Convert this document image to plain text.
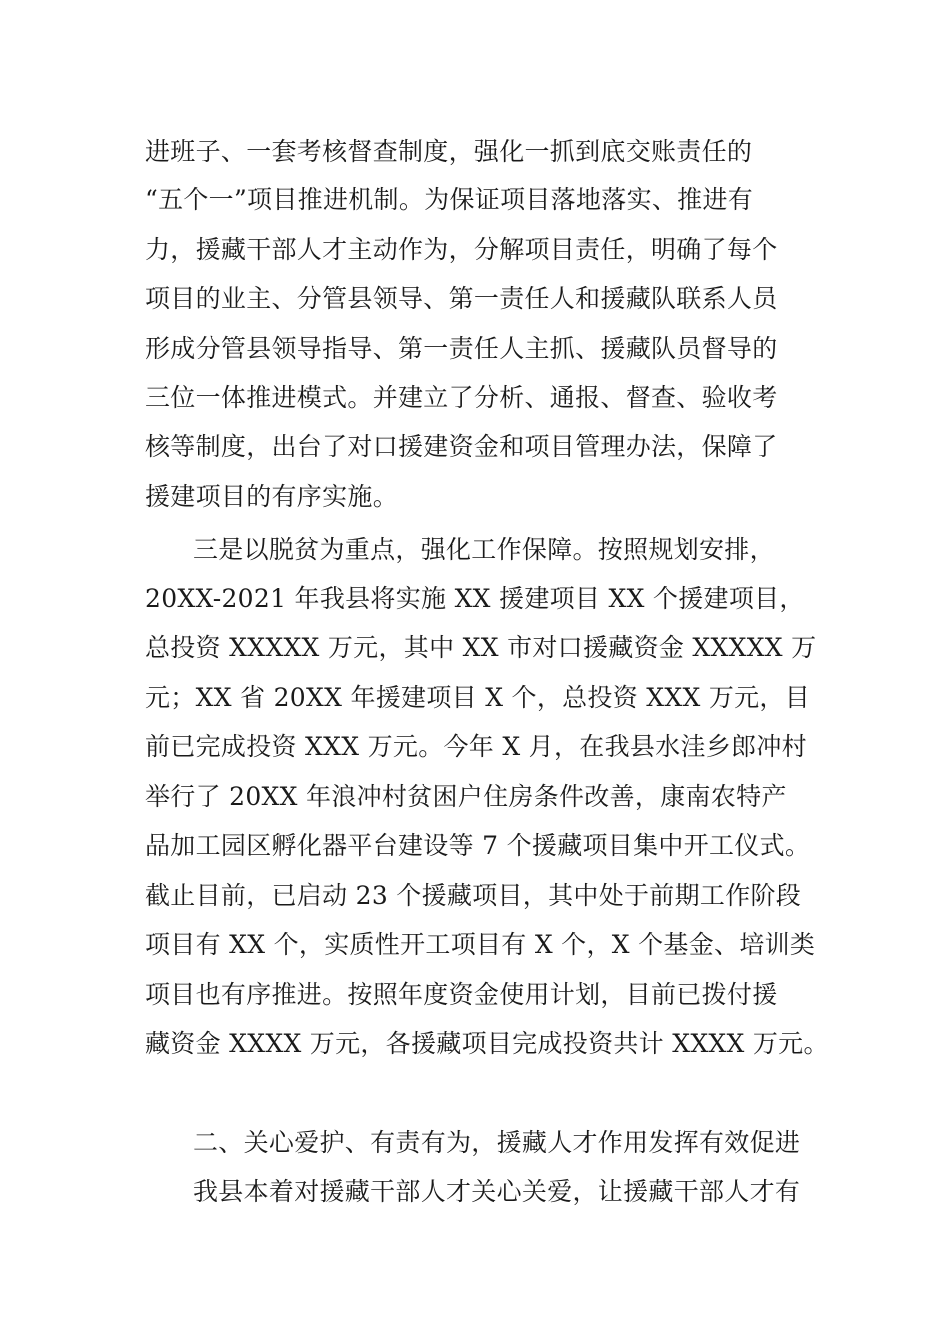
进班子、一套考核督查制度，强化一抓到底交账责任的
“五个一”项目推进机制。为保证项目落地落实、推进有
力，援藏干部人才主动作为，分解项目责任，明确了每个
项目的业主、分管县领导、第一责任人和援藏队联系人员
形成分管县领导指导、第一责任人主抓、援藏队员督导的
三位一体推进模式。并建立了分析、通报、督查、验收考
核等制度，出台了对口援建资金和项目管理办法，保障了
援建项目的有序实施。
三是以脱贫为重点，强化工作保障。按照规划安排，
20XX-2021 年我县将实施 XX 援建项目 XX 个援建项目，
总投资 XXXXX 万元，其中 XX 市对口援藏资金 XXXXX 万
元；XX 省 20XX 年援建项目 X 个，总投资 XXX 万元，目
前已完成投资 XXX 万元。今年 X 月，在我县水洼乡郎冲村
举行了 20XX 年浪冲村贫困户住房条件改善，康南农特产
品加工园区孵化器平台建设等 7 个援藏项目集中开工仪式。
截止目前，已启动 23 个援藏项目，其中处于前期工作阶段
项目有 XX 个，实质性开工项目有 X 个，X 个基金、培训类
项目也有序推进。按照年度资金使用计划，目前已拨付援
藏资金 XXXX 万元，各援藏项目完成投资共计 XXXX 万元。
二、关心爱护、有责有为，援藏人才作用发挥有效促进
我县本着对援藏干部人才关心关爱，让援藏干部人才有
